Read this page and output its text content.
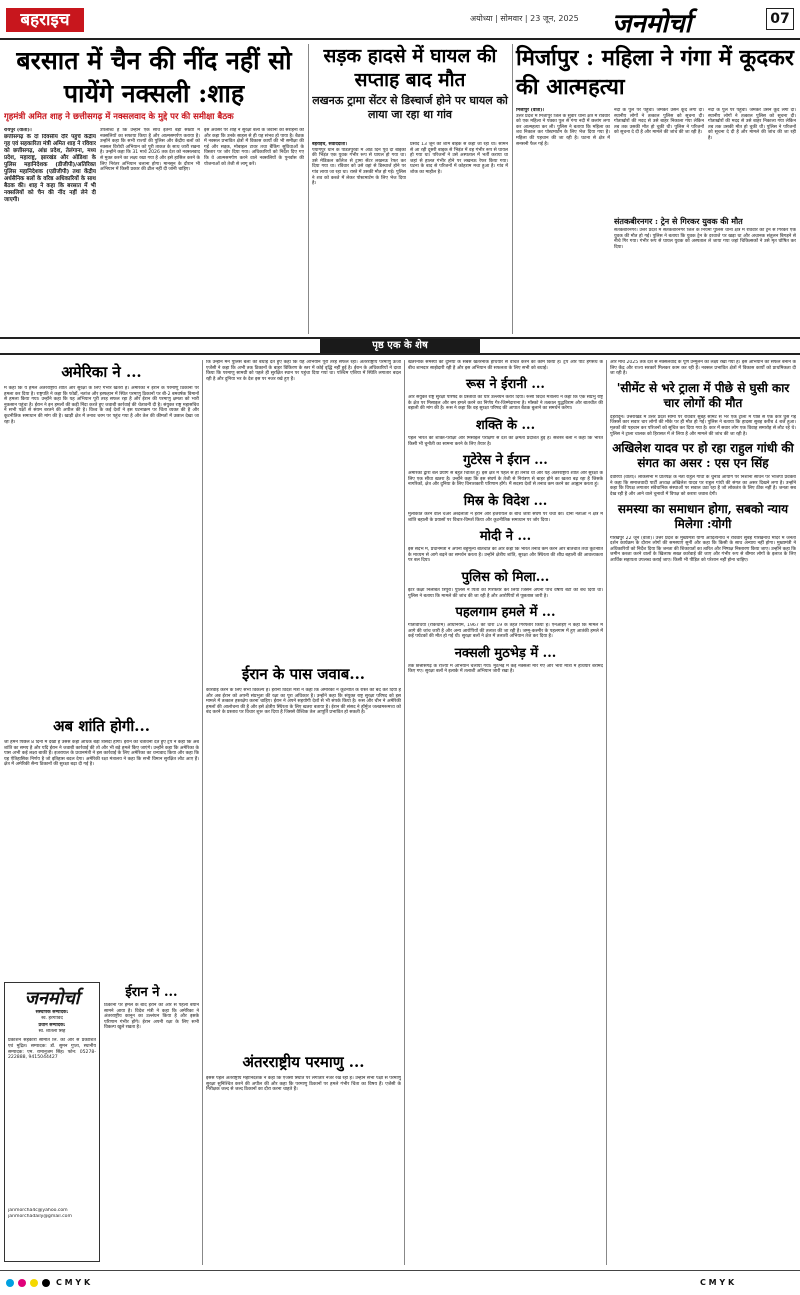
बहराइच	अयोध्या | सोमवार | 23 जून, 2025 जनमोर्चा	07
बरसात में चैन की नींद नहीं सो पायेंगे नक्सली :शाह
गृहमंत्री अमित शाह ने छत्तीसगढ़ में नक्सलवाद के मुद्दे पर की समीक्षा बैठक
रायपुर (वार्ता)।
छत्तीसगढ़ के दो दिवसीय दौरे पहुंचे केंद्रीय गृह एवं सहकारिता मंत्री अमित शाह ने रविवार को छत्तीसगढ़, आंध्र प्रदेश, तेलंगाना, मध्य प्रदेश, महाराष्ट्र, झारखंड और ओडिशा के पुलिस महानिदेशक (डीजीपी)/अतिरिक्त पुलिस महानिदेशक (एडीजीपी) तथा केंद्रीय अर्धसैनिक बलों के वरिष्ठ अधिकारियों के साथ बैठक की। शाह ने कहा कि बरसात में भी नक्सलियों को चैन की नींद नहीं लेने दी जाएगी।
उपलब्धि है कि उन्होंने एक साथ इतनी बड़ी संख्या में नक्सलियों का सफाया किया है और आत्मसमर्पण कराया है। उन्होंने कहा कि सभी राज्यों की पुलिस और केंद्रीय बलों को नक्सल विरोधी अभियान को पूरी ताकत के साथ जारी रखना है। उन्होंने कहा कि 31 मार्च 2026 तक देश को नक्सलवाद से मुक्त करने का लक्ष्य रखा गया है और इसे हासिल करने के लिए निरंतर अभियान चलाना होगा। मानसून के दौरान भी अभियान में किसी प्रकार की ढील नहीं दी जानी चाहिए।
इस अवसर पर शाह ने सुरक्षा बलों के जवानों की सराहना की और कहा कि उनके साहस से ही यह संभव हो पाया है। बैठक में नक्सल प्रभावित क्षेत्रों में विकास कार्यों की भी समीक्षा की गई और सड़क, मोबाइल टावर तथा बैंकिंग सुविधाओं के विस्तार पर जोर दिया गया। अधिकारियों को निर्देश दिए गए कि वे आत्मसमर्पण करने वाले नक्सलियों के पुनर्वास की योजनाओं को तेजी से लागू करें।
सड़क हादसे में घायल की सप्ताह बाद मौत
लखनऊ ट्रामा सेंटर से डिस्चार्ज होने पर घायल को लाया जा रहा था गांव
बहराइच, संवाददाता।
पयागपुर थाने के पंडितपुरवा में आठ दिन पूर्व दो बाइकों की भिड़ंत एक युवक गंभीर रूप से घायल हो गया था। उसे मेडिकल कॉलेज से ट्रामा सेंटर लखनऊ रेफर कर दिया गया था। रविवार को उसे वहां से डिस्चार्ज होने पर गांव लाया जा रहा था। रास्ते में उसकी मौत हो गई। पुलिस ने शव को कब्जे में लेकर पोस्टमार्टम के लिए भेज दिया है।
प्रसाद 13 जून की शाम बाइक से कहीं जा रहा था। सामने से आ रही दूसरी बाइक से भिड़ंत में वह गंभीर रूप से घायल हो गया था। परिजनों ने उसे अस्पताल में भर्ती कराया था जहां से हालत गंभीर होने पर लखनऊ रेफर किया गया। घटना के बाद से परिजनों में कोहराम मचा हुआ है। गांव में शोक का माहौल है।
मिर्जापुर : महिला ने गंगा में कूदकर की आत्महत्या
मिर्जापुर (वार्ता)।
उत्तर प्रदेश में मिर्जापुर जिले के सुवार थाना क्षेत्र में रविवार को एक महिला ने पक्का पुल से गंगा नदी में छलांग लगा कर आत्महत्या कर ली। पुलिस ने बताया कि महिला का शव निकाल कर पोस्टमार्टम के लिए भेज दिया गया है। महिला की पहचान की जा रही है। घटना से क्षेत्र में सनसनी फैल गई है।
नदी के पुल पर पहुंची। जमकर उसने कूद लगा दी। स्थानीय लोगों ने तत्काल पुलिस को सूचना दी। गोताखोरों की मदद से उसे बाहर निकाला गया लेकिन तब तक उसकी मौत हो चुकी थी। पुलिस ने परिजनों को सूचना दे दी है और मामले की जांच की जा रही है।
नदी के पुल पर पहुंची। जमकर उसने कूद लगा दी। स्थानीय लोगों ने तत्काल पुलिस को सूचना दी। गोताखोरों की मदद से उसे बाहर निकाला गया लेकिन तब तक उसकी मौत हो चुकी थी। पुलिस ने परिजनों को सूचना दे दी है और मामले की जांच की जा रही है।
संतकबीरनगर : ट्रेन से गिरकर युवक की मौत
संतकबीरनगर। उत्तर प्रदेश में संतकबीरनगर जिले के नियमी पुलिस थाना क्षेत्र में रविवार को ट्रेन से गिरकर एक युवक की मौत हो गई। पुलिस ने बताया कि युवक ट्रेन के दरवाजे पर खड़ा था और अचानक संतुलन बिगड़ने से नीचे गिर गया। गंभीर रूप से घायल युवक को अस्पताल ले जाया गया जहां चिकित्सकों ने उसे मृत घोषित कर दिया।
पृष्ठ एक के शेष
अमेरिका ने ...
में कहा कि ये हमले अंतरराष्ट्रीय शांति और सुरक्षा के लिए गंभीर खतरा हैं। अमेरिका ने ईरान के परमाणु ठिकानों पर हमला कर दिया है। राष्ट्रपति ने कहा कि फोर्डो, नतांज और इस्फहान में स्थित परमाणु ठिकानों पर बी-2 बमवर्षक विमानों से हमला किया गया। उन्होंने कहा कि यह अभियान पूरी तरह सफल रहा है और ईरान की परमाणु क्षमता को भारी नुकसान पहुंचा है। ईरान ने इन हमलों की कड़ी निंदा करते हुए जवाबी कार्रवाई की चेतावनी दी है। संयुक्त राष्ट्र महासचिव ने सभी पक्षों से संयम बरतने की अपील की है। विश्व के कई देशों ने इस घटनाक्रम पर चिंता व्यक्त की है और कूटनीतिक समाधान की मांग की है। खाड़ी क्षेत्र में तनाव चरम पर पहुंच गया है और तेल की कीमतों में उछाल देखा जा रहा है।
अब शांति होगी...
जो हमने पिछले 8 दिनों में देखी है उससे कहीं अधिक बड़ी त्रासदी होगी। ईरान को चेतावनी देते हुए ट्रंप ने कहा कि अब शांति का समय है और यदि ईरान ने जवाबी कार्रवाई की तो और भी बड़े हमले किए जाएंगे। उन्होंने कहा कि अमेरिका के पास अभी कई लक्ष्य बाकी हैं। इजरायल के प्रधानमंत्री ने इस कार्रवाई के लिए अमेरिका का धन्यवाद किया और कहा कि यह ऐतिहासिक निर्णय है जो इतिहास बदल देगा। अमेरिकी रक्षा मंत्रालय ने कहा कि सभी विमान सुरक्षित लौट आए हैं। क्षेत्र में अमेरिकी सैन्य ठिकानों की सुरक्षा बढ़ा दी गई है।
जनमोर्चा
संस्थापक सम्पादक:
स्व. हरगोविंद
प्रधान सम्पादक:
स्व. शीतला सिंह
प्रकाशन सहकारी समिति लि. की ओर से प्रकाशित एवं मुद्रित। सम्पादक: डॉ. सुमन गुप्ता, स्थानीय सम्पादक: एम. रामानुजम सिंह। फोन: 05278-222888, 9415044427
janmorcha4c@yahoo.com
janmorchadaily@gmail.com
ईरान ने ...
ठिकानों पर हमले के बाद ईरान की ओर से पहला बयान सामने आया है। विदेश मंत्री ने कहा कि अमेरिका ने अंतरराष्ट्रीय कानून का उल्लंघन किया है और इसके परिणाम गंभीर होंगे। ईरान अपनी रक्षा के लिए सभी विकल्प खुले रखता है।
कि उन्होंने मैंने पुलिस बलों को बधाई देते हुए कहा कि यह अभियान पूरी तरह सफल रहा। अंतरराष्ट्रीय परमाणु ऊर्जा एजेंसी ने कहा कि अभी तक ठिकानों के बाहर विकिरण के स्तर में कोई वृद्धि नहीं हुई है। ईरान के अधिकारियों ने दावा किया कि परमाणु सामग्री को पहले ही सुरक्षित स्थान पर पहुंचा दिया गया था। पश्चिम एशिया में स्थिति लगातार बदल रही है और दुनिया भर के देश इस पर नजर रखे हुए हैं।
ईरान के पास जवाब...
कार्रवाई करने के लिए सभी विकल्प हैं। ईरानी विदेश मंत्री ने कहा कि अमेरिका ने कूटनीति के रास्ते को बंद कर दिया है और अब ईरान को अपनी संप्रभुता की रक्षा का पूरा अधिकार है। उन्होंने कहा कि संयुक्त राष्ट्र सुरक्षा परिषद को इस मामले में तत्काल हस्तक्षेप करना चाहिए। ईरान ने अपने सहयोगी देशों से भी संपर्क किया है। रूस और चीन ने अमेरिकी हमलों की आलोचना की है और इसे क्षेत्रीय स्थिरता के लिए खतरा बताया है। ईरान की संसद ने हॉर्मुज जलडमरूमध्य को बंद करने के प्रस्ताव पर विचार शुरू कर दिया है जिससे वैश्विक तेल आपूर्ति प्रभावित हो सकती है।
अंतरराष्ट्रीय परमाणु ...
इससे पहले अंतर्राष्ट्रीय महानिदेशक ने कहा कि एजेंसी स्थिति पर लगातार नजर रख रही है। उन्होंने सभी पक्षों से परमाणु सुरक्षा सुनिश्चित करने की अपील की और कहा कि परमाणु ठिकानों पर हमले गंभीर चिंता का विषय हैं। एजेंसी के निरीक्षक जल्द से जल्द ठिकानों का दौरा करना चाहते हैं।
खतरनाक समस्या को दुनिया के सबसे खतरनाक हथियार से वंचित करने का काम किया है। ट्रंप और पीट हेगसेथ के बीच शानदार साझेदारी रही है और इस अभियान की सफलता के लिए सभी को बधाई।
रूस ने ईरानी ...
और संयुक्त राष्ट्र सुरक्षा परिषद के प्रस्तावों का घोर उल्लंघन करार दिया। रूसी विदेश मंत्रालय ने कहा कि एक संप्रभु राष्ट्र के क्षेत्र पर मिसाइल और बम हमले करने का निर्णय गैर-जिम्मेदाराना है। मॉस्को ने तत्काल युद्धविराम और बातचीत की बहाली की मांग की है। रूस ने कहा कि वह सुरक्षा परिषद की आपात बैठक बुलाने का समर्थन करेगा।
शक्ति के ...
पहले भारत की शक्ति-परीक्षा और मिसाइल परीक्षण से देश की क्षमता प्रदर्शित हुई है। सशस्त्र बलों ने कहा कि भारत किसी भी चुनौती का सामना करने के लिए तैयार है।
गुटेरेस ने ईरान ...
अमेरिका द्वारा बल प्रयोग से बहुत चिंतित हूं। इस क्षेत्र में पहले से ही तनाव था और यह अंतरराष्ट्रीय शांति और सुरक्षा के लिए एक सीधा खतरा है। उन्होंने कहा कि इस संघर्ष के तेजी से नियंत्रण से बाहर होने का खतरा बढ़ रहा है जिसके नागरिकों, क्षेत्र और दुनिया के लिए विनाशकारी परिणाम होंगे। मैं सदस्य देशों से तनाव कम करने का आह्वान करता हूं।
मिस्र के विदेश ...
मुलाकात करने वाले चेअर अब्देलाती ने ईरान और इजरायल के बीच जारी संघर्ष पर चर्चा की। दोनों नेताओं ने क्षेत्र में शांति बहाली के प्रयासों पर विचार-विमर्श किया और कूटनीतिक समाधान पर जोर दिया।
मोदी ने ...
इस संदर्भ में, प्रधानमंत्री ने अपनी बहुमूल्य बातचीत की और कहा कि भारत तनाव कम करने और बातचीत तथा कूटनीति के माध्यम से आगे बढ़ने का समर्थन करता है। उन्होंने क्षेत्रीय शांति, सुरक्षा और स्थिरता की शीघ्र बहाली की आवश्यकता पर बल दिया।
पुलिस को मिला...
इंटर कक्षा निलंबित त्रिपुरा। पुलिस ने पिता को गिरफ्तार कर लिया जिसने अपनी पांच वर्षीय बेटी को बेच दिया था। पुलिस ने बताया कि मामले की जांच की जा रही है और आरोपियों से पूछताछ जारी है।
पहलगाम हमले में ...
गतिविधियां (रोकथाम) अधिनियम, 1967 की धारा 19 के तहत गिरफ्तार किया है। एनआईए ने कहा कि मामले में आगे की जांच जारी है और अन्य आरोपियों की तलाश की जा रही है। जम्मू-कश्मीर के पहलगाम में हुए आतंकी हमले में कई पर्यटकों की मौत हो गई थी। सुरक्षा बलों ने क्षेत्र में तलाशी अभियान तेज कर दिया है।
नक्सली मुठभेड़ में ...
तक छत्तीसगढ़ के राज्यों में अभियान चलाया गया। मुठभेड़ में कई नक्सली मारे गए और भारी मात्रा में हथियार बरामद किए गए। सुरक्षा बलों ने इलाके में तलाशी अभियान जारी रखा है।
और मार्च 2025 तक देश से नक्सलवाद के पूर्ण उन्मूलन का लक्ष्य रखा गया है। इस अभियान को सफल बनाने के लिए केंद्र और राज्य सरकारें मिलकर काम कर रही हैं। नक्सल प्रभावित क्षेत्रों में विकास कार्यों को प्राथमिकता दी जा रही है।
'सीमेंट से भरे ट्राला में पीछे से घुसी कार चार लोगों की मौत
देहरादून। उत्तराखंड में उत्तर प्रदेश सीमा पर रविवार सुबह सीमेंट से भरे एक ट्राला में पीछे से एक कार घुस गई जिससे कार सवार चार लोगों की मौके पर ही मौत हो गई। पुलिस ने बताया कि हादसा सुबह करीब 4 बजे हुआ। मृतकों की पहचान कर परिजनों को सूचित कर दिया गया है। कार में सवार लोग एक विवाह समारोह से लौट रहे थे। पुलिस ने ट्राला चालक को हिरासत में ले लिया है और मामले की जांच की जा रही है।
अखिलेश यादव पर हो रहा राहुल गांधी की संगत का असर : एस एन सिंह
देवरिया (वार्ता)। लोकसभा में प्रतिपक्ष के नेता राहुल गांधी के चुनाव आयोग पर निशाना साधने पर भाजपा प्रवक्ता ने कहा कि समाजवादी पार्टी अध्यक्ष अखिलेश यादव पर राहुल गांधी की संगत का असर दिखने लगा है। उन्होंने कहा कि विपक्ष लगातार संवैधानिक संस्थाओं पर सवाल उठा रहा है जो लोकतंत्र के लिए ठीक नहीं है। जनता सब देख रही है और आने वाले चुनावों में विपक्ष को करारा जवाब देगी।
समस्या का समाधान होगा, सबको न्याय मिलेगा :योगी
गोरखपुर 22 जून (वार्ता)। उत्तर प्रदेश के मुख्यमंत्री योगी आदित्यनाथ ने रविवार सुबह गोरखनाथ मंदिर में जनता दर्शन कार्यक्रम के दौरान लोगों की समस्याएं सुनीं और कहा कि किसी के साथ अन्याय नहीं होगा। मुख्यमंत्री ने अधिकारियों को निर्देश दिया कि जनता की शिकायतों का त्वरित और निष्पक्ष निस्तारण किया जाए। उन्होंने कहा कि जमीन कब्जा करने वालों के खिलाफ सख्त कार्रवाई की जाए और गंभीर रूप से बीमार लोगों के इलाज के लिए आर्थिक सहायता उपलब्ध कराई जाए। किसी भी पीड़ित को परेशान नहीं होना चाहिए।
C M Y K	C M Y K
